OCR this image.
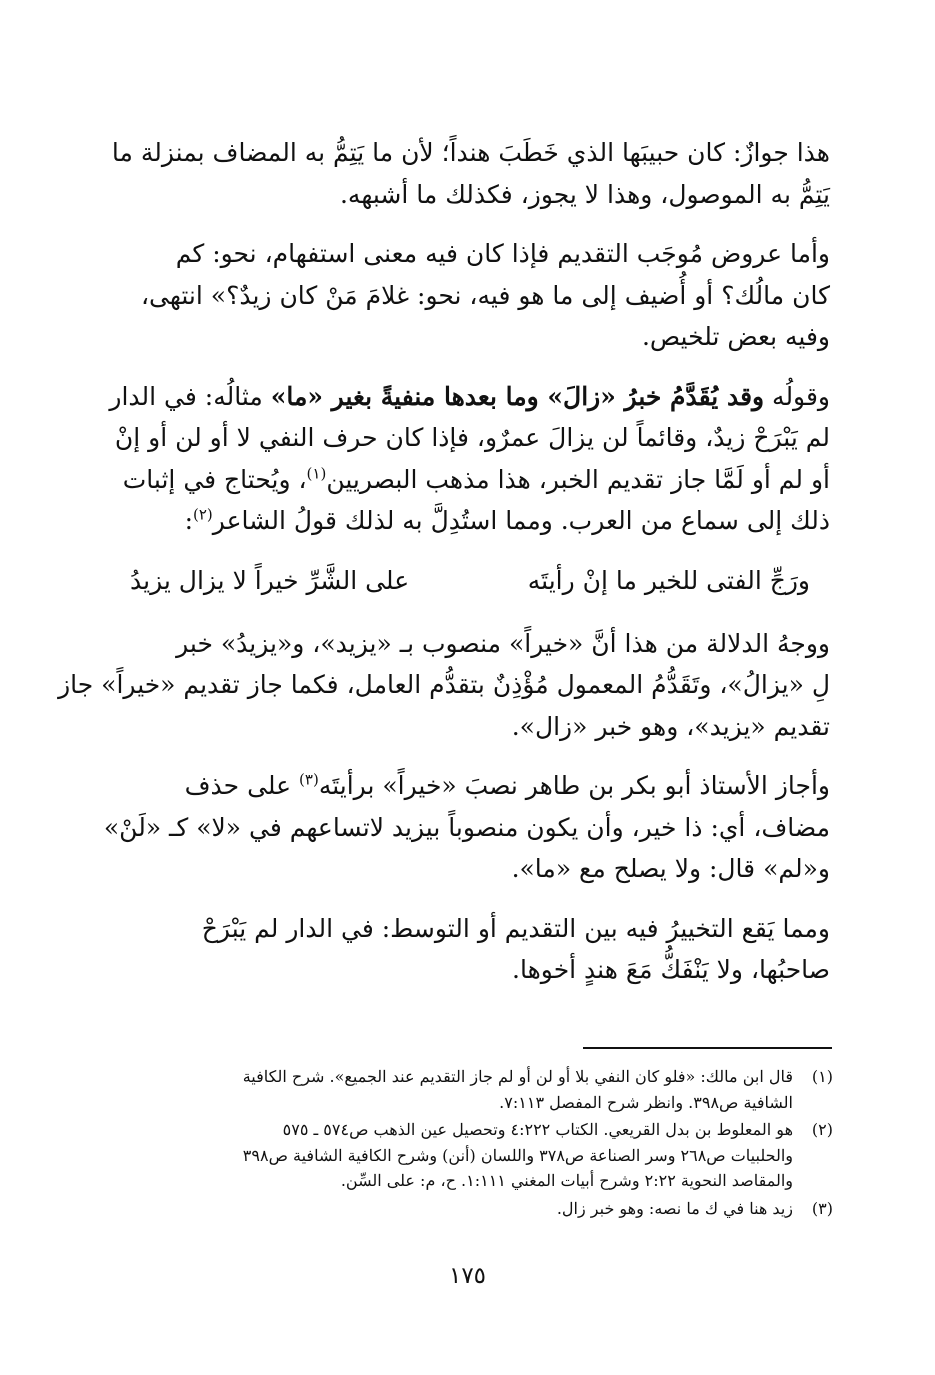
هذا جوازٌ: كان حبيبَها الذي خَطَبَ هنداً؛ لأن ما يَتِمُّ به المضاف بمنزلة ما
يَتِمُّ به الموصول، وهذا لا يجوز، فكذلك ما أشبهه.

وأما عروض مُوجَب التقديم فإذا كان فيه معنى استفهام، نحو: كم
كان مالُك؟ أو أُضيف إلى ما هو فيه، نحو: غلامَ مَنْ كان زيدٌ؟» انتهى،
وفيه بعض تلخيص.

وقولُه وقد يُقَدَّمُ خبرُ «زالَ» وما بعدها منفيةً بغير «ما» مثالُه: في الدار
لم يَبْرَحْ زيدٌ، وقائماً لن يزالَ عمرٌو، فإذا كان حرف النفي لا أو لن أو إنْ
أو لم أو لَمَّا جاز تقديم الخبر، هذا مذهب البصريين$^{(١)}$، ويُحتاج في إثبات
ذلك إلى سماع من العرب. ومما استُدِلَّ به لذلك قولُ الشاعر$^{(٢)}$:

ورَجِّ الفتى للخير ما إنْ رأيتَه
على الشَّرِّ خيراً لا يزال يزيدُ

ووجهُ الدلالة من هذا أنَّ «خيراً» منصوب بـ «يزيد»، و«يزيدُ» خبر
لِ «يزالُ»، وتَقَدُّمُ المعمول مُؤْذِنٌ بتقدُّم العامل، فكما جاز تقديم «خيراً» جاز
تقديم «يزيد»، وهو خبر «زال».

وأجاز الأستاذ أبو بكر بن طاهر نصبَ «خيراً» برأيتَه$^{(٣)}$ على حذف
مضاف، أي: ذا خير، وأن يكون منصوباً بيزيد لاتساعهم في «لا» كـ «لَنْ»
و«لم» قال: ولا يصلح مع «ما».

ومما يَقع التخييرُ فيه بين التقديم أو التوسط: في الدار لم يَبْرَحْ
صاحبُها، ولا يَنْفَكُّ مَعَ هندٍ أخوها.

(١)
قال ابن مالك: «فلو كان النفي بلا أو لن أو لم جاز التقديم عند الجميع». شرح الكافية
الشافية ص٣٩٨. وانظر شرح المفصل ٧:١١٣.
(٢)
هو المعلوط بن بدل القريعي. الكتاب ٤:٢٢٢ وتحصيل عين الذهب ص٥٧٤ ـ ٥٧٥
والحلبيات ص٢٦٨ وسر الصناعة ص٣٧٨ واللسان (أنن) وشرح الكافية الشافية ص٣٩٨
والمقاصد النحوية ٢:٢٢ وشرح أبيات المغني ١:١١١. ح، م: على السِّن.
(٣)
زيد هنا في ك ما نصه: وهو خبر زال.
١٧٥
